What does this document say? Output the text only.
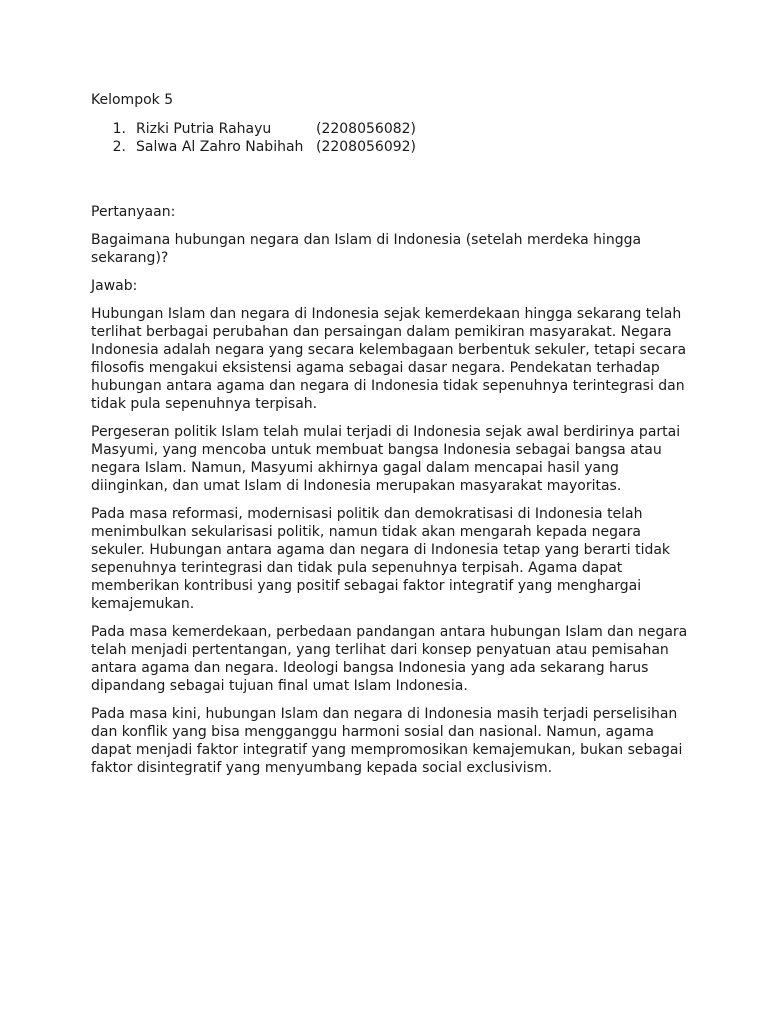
Kelompok 5
1. Rizki Putria Rahayu	(2208056082)
2. Salwa Al Zahro Nabihah (2208056092)
Pertanyaan:
Bagaimana hubungan negara dan Islam di Indonesia (setelah merdeka hingga sekarang)?
Jawab:
Hubungan Islam dan negara di Indonesia sejak kemerdekaan hingga sekarang telah terlihat berbagai perubahan dan persaingan dalam pemikiran masyarakat. Negara Indonesia adalah negara yang secara kelembagaan berbentuk sekuler, tetapi secara filosofis mengakui eksistensi agama sebagai dasar negara. Pendekatan terhadap hubungan antara agama dan negara di Indonesia tidak sepenuhnya terintegrasi dan tidak pula sepenuhnya terpisah.
Pergeseran politik Islam telah mulai terjadi di Indonesia sejak awal berdirinya partai Masyumi, yang mencoba untuk membuat bangsa Indonesia sebagai bangsa atau negara Islam. Namun, Masyumi akhirnya gagal dalam mencapai hasil yang diinginkan, dan umat Islam di Indonesia merupakan masyarakat mayoritas.
Pada masa reformasi, modernisasi politik dan demokratisasi di Indonesia telah menimbulkan sekularisasi politik, namun tidak akan mengarah kepada negara sekuler. Hubungan antara agama dan negara di Indonesia tetap yang berarti tidak sepenuhnya terintegrasi dan tidak pula sepenuhnya terpisah. Agama dapat memberikan kontribusi yang positif sebagai faktor integratif yang menghargai kemajemukan.
Pada masa kemerdekaan, perbedaan pandangan antara hubungan Islam dan negara telah menjadi pertentangan, yang terlihat dari konsep penyatuan atau pemisahan antara agama dan negara. Ideologi bangsa Indonesia yang ada sekarang harus dipandang sebagai tujuan final umat Islam Indonesia.
Pada masa kini, hubungan Islam dan negara di Indonesia masih terjadi perselisihan dan konflik yang bisa mengganggu harmoni sosial dan nasional. Namun, agama dapat menjadi faktor integratif yang mempromosikan kemajemukan, bukan sebagai faktor disintegratif yang menyumbang kepada social exclusivism.
